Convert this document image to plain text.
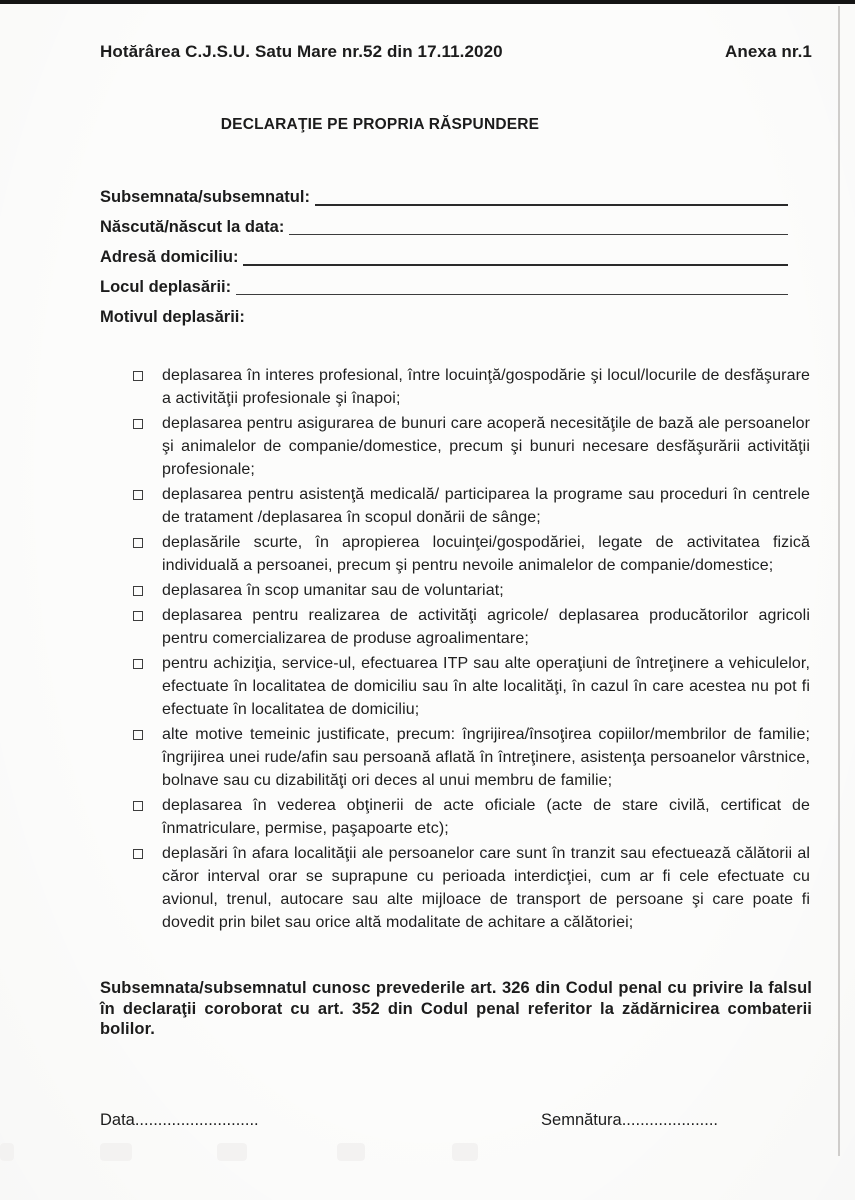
Hotărârea C.J.S.U. Satu Mare nr.52 din 17.11.2020	Anexa nr.1
DECLARAŢIE PE PROPRIA RĂSPUNDERE
Subsemnata/subsemnatul:
Născută/născut la data:
Adresă domiciliu:
Locul deplasării:
Motivul deplasării:
deplasarea în interes profesional, între locuinţă/gospodărie şi locul/locurile de desfăşurare a activităţii profesionale şi înapoi;
deplasarea pentru asigurarea de bunuri care acoperă necesităţile de bază ale persoanelor şi animalelor de companie/domestice, precum şi bunuri necesare desfăşurării activităţii profesionale;
deplasarea pentru asistenţă medicală/ participarea la programe sau proceduri în centrele de tratament /deplasarea în scopul donării de sânge;
deplasările scurte, în apropierea locuinţei/gospodăriei, legate de activitatea fizică individuală a persoanei, precum şi pentru nevoile animalelor de companie/domestice;
deplasarea în scop umanitar sau de voluntariat;
deplasarea pentru realizarea de activităţi agricole/ deplasarea producătorilor agricoli pentru comercializarea de produse agroalimentare;
pentru achiziţia, service-ul, efectuarea ITP sau alte operaţiuni de întreţinere a vehiculelor, efectuate în localitatea de domiciliu sau în alte localităţi, în cazul în care acestea nu pot fi efectuate în localitatea de domiciliu;
alte motive temeinic justificate, precum: îngrijirea/însoţirea copiilor/membrilor de familie; îngrijirea unei rude/afin sau persoană aflată în întreţinere, asistenţa persoanelor vârstnice, bolnave sau cu dizabilităţi ori deces al unui membru de familie;
deplasarea în vederea obţinerii de acte oficiale (acte de stare civilă, certificat de înmatriculare, permise, paşapoarte etc);
deplasări în afara localităţii ale persoanelor care sunt în tranzit sau efectuează călătorii al căror interval orar se suprapune cu perioada interdicţiei, cum ar fi cele efectuate cu avionul, trenul, autocare sau alte mijloace de transport de persoane şi care poate fi dovedit prin bilet sau orice altă modalitate de achitare a călătoriei;

Subsemnata/subsemnatul cunosc prevederile art. 326 din Codul penal cu privire la falsul în declaraţii coroborat cu art. 352 din Codul penal referitor la zădărnicirea combaterii bolilor.

Data...........................	Semnătura.....................
